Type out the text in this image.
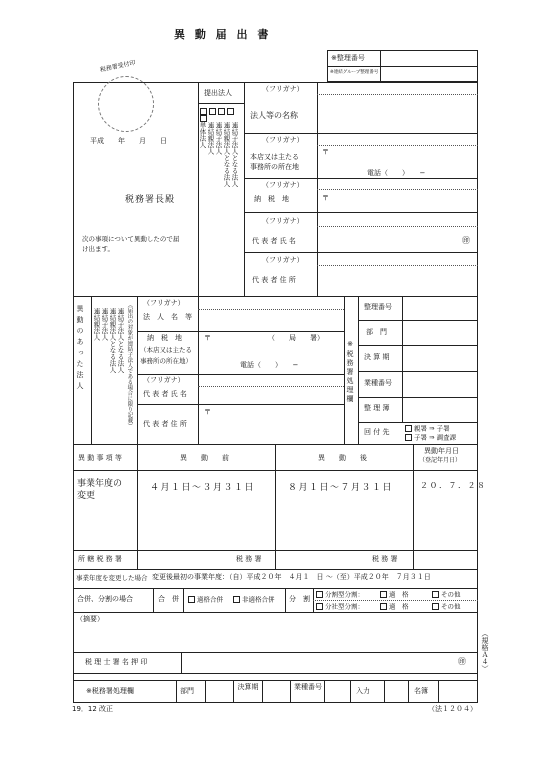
異 動 届 出 書
※整理番号
※連結グループ整理番号
税務署受付印
提出法人
単体法人 連結親法人 連結子法人 連結親法人となる法人 連結子法人となる法人
平成　　年　　月　　日
税務署長殿
次の事項について異動したので届
け出ます。
（フリガナ）
法人等の名称
（フリガナ）
本店又は主たる
事務所の所在地
〒
電話（　　）　　−
（フリガナ）
納　税　地	〒
（フリガナ）
代 表 者 氏 名	㊞
（フリガナ）
代 表 者 住 所
異動のあった法人 連結親法人 連結子法人 連結親法人となる法人 連結子法人となる法人 （届出の対象が連結子法人である場合に限り記載） （フリガナ）
法　人　名　等
納　税　地
（本店又は主たる
事務所の所在地）
〒	（　　局　　署）
電話（　　）　　−
（フリガナ）
代 表 者 氏 名
代 表 者 住 所
〒
※税務署処理欄
整理番号
部　門
決 算 期
業種番号
整 理 簿
回 付 先	親署 ⇒ 子署
子署 ⇒ 調査課
異 動 事 項 等	異　　動　　前	異　　動　　後
異動年月日
（登記年月日）
事業年度の
変更
４月１日〜３月３１日	８月１日〜７月３１日	２０．７．２８
所 轄 税 務 署	税 務 署	税 務 署
事業年度を変更した場合 変更後最初の事業年度：（自）平成２０年　４月１　日 〜（至）平成２０年　７月３１日
合併、分割の場合	合　併	適格合併	非適格合併 分　割
分割型分割：	適　格	その他
分社型分割：	適　格	その他
（摘要）
税 理 士 署 名 押 印	㊞
※税務署処理欄	部門	決算期	業種番号	入力	名簿
（規格Ａ４）
19．12 改正	（法１２０４）
